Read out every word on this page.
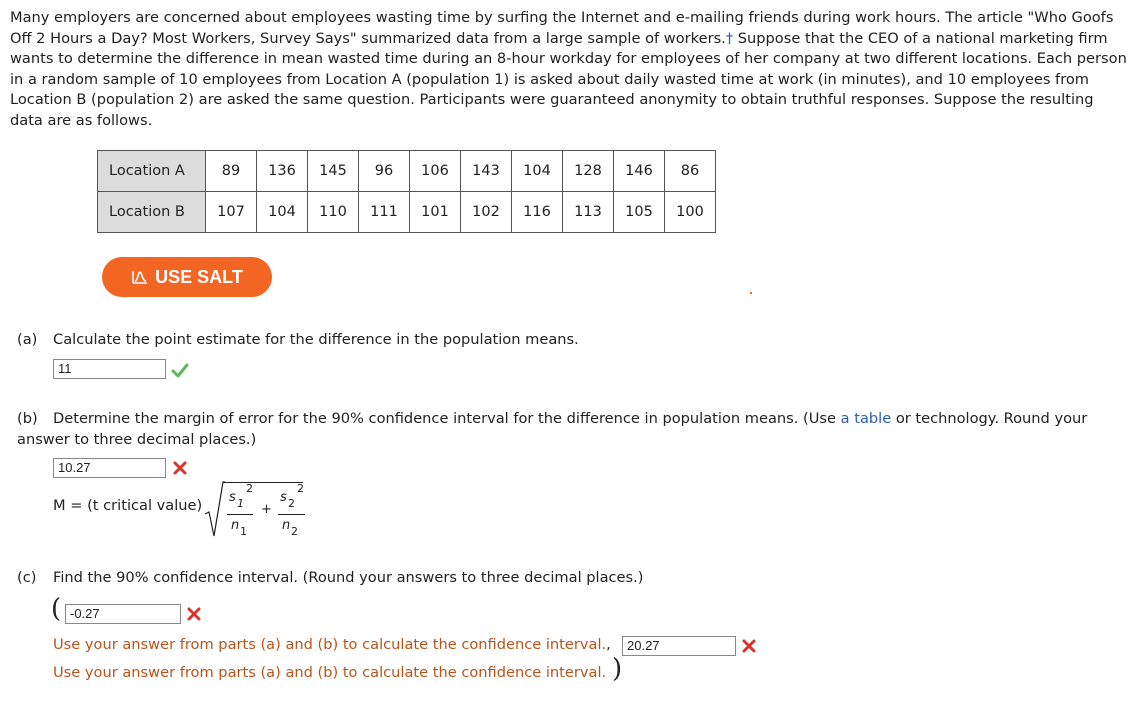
Many employers are concerned about employees wasting time by surfing the Internet and e-mailing friends during work hours. The article "Who Goofs Off 2 Hours a Day? Most Workers, Survey Says" summarized data from a large sample of workers.† Suppose that the CEO of a national marketing firm wants to determine the difference in mean wasted time during an 8-hour workday for employees of her company at two different locations. Each person in a random sample of 10 employees from Location A (population 1) is asked about daily wasted time at work (in minutes), and 10 employees from Location B (population 2) are asked the same question. Participants were guaranteed anonymity to obtain truthful responses. Suppose the resulting data are as follows.
Location A	89	136	145	96	106	143	104	128	146	86
Location B	107	104	110	111	101	102	116	113	105	100
USE SALT
(a) Calculate the point estimate for the difference in the population means.
11
(b) Determine the margin of error for the 90% confidence interval for the difference in population means. (Use a table or technology. Round your answer to three decimal places.)
10.27
M = (t critical value) s 1
2
n 1
+
s 2
2
n 2
(c) Find the 90% confidence interval. (Round your answers to three decimal places.)
( -0.27
Use your answer from parts (a) and (b) to calculate the confidence interval.,	20.27
Use your answer from parts (a) and (b) to calculate the confidence interval. )
